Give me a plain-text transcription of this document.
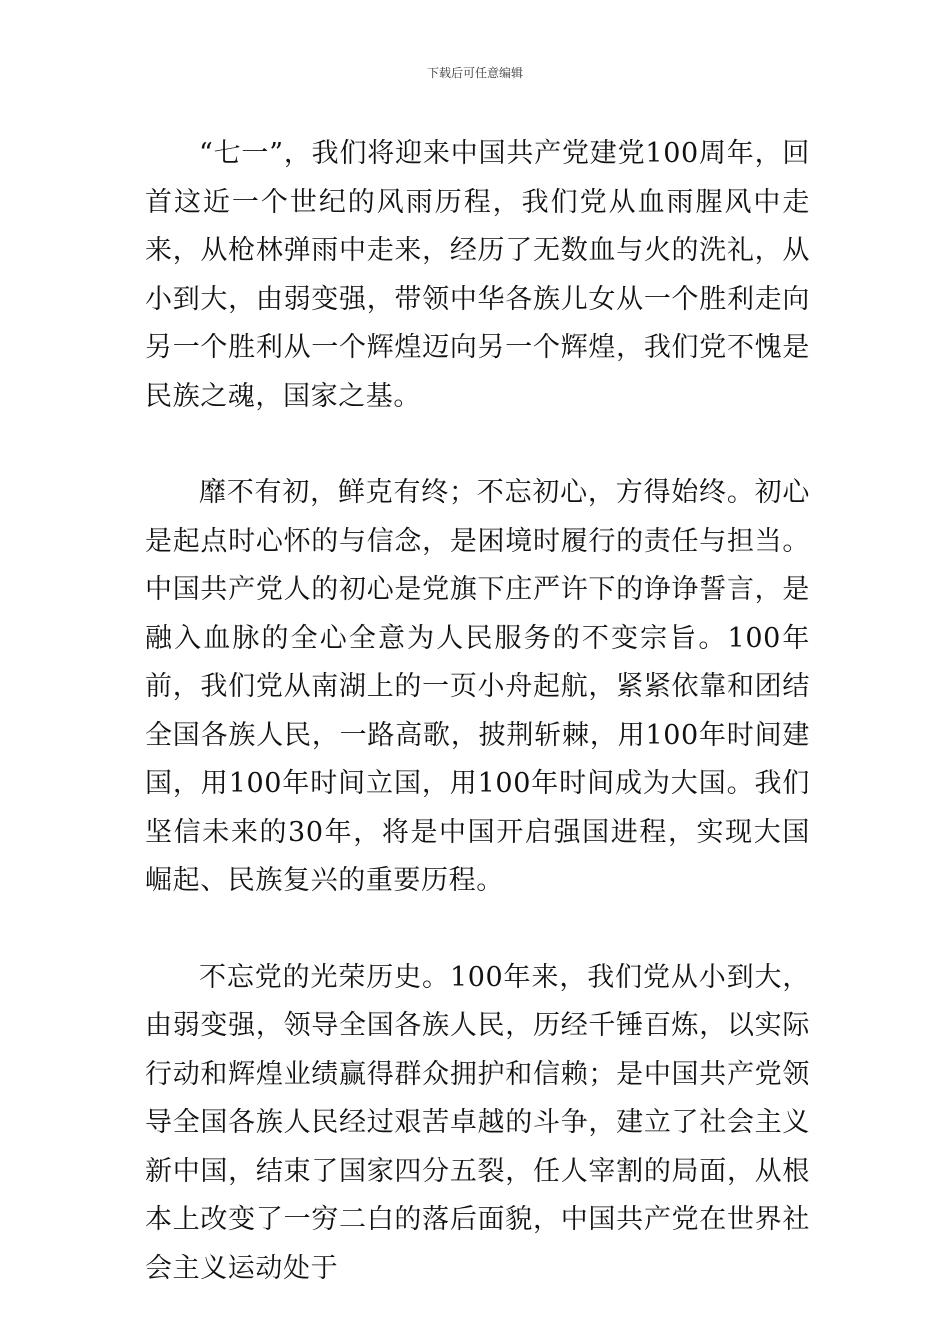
下载后可任意编辑

“七一”，我们将迎来中国共产党建党100周年，回首这近一个世纪的风雨历程，我们党从血雨腥风中走来，从枪林弹雨中走来，经历了无数血与火的洗礼，从小到大，由弱变强，带领中华各族儿女从一个胜利走向另一个胜利从一个辉煌迈向另一个辉煌，我们党不愧是民族之魂，国家之基。

靡不有初，鲜克有终；不忘初心，方得始终。初心是起点时心怀的与信念，是困境时履行的责任与担当。中国共产党人的初心是党旗下庄严许下的诤诤誓言，是融入血脉的全心全意为人民服务的不变宗旨。100年前，我们党从南湖上的一页小舟起航，紧紧依靠和团结全国各族人民，一路高歌，披荆斩棘，用100年时间建国，用100年时间立国，用100年时间成为大国。我们坚信未来的30年，将是中国开启强国进程，实现大国崛起、民族复兴的重要历程。

不忘党的光荣历史。100年来，我们党从小到大，由弱变强，领导全国各族人民，历经千锤百炼，以实际行动和辉煌业绩赢得群众拥护和信赖；是中国共产党领导全国各族人民经过艰苦卓越的斗争，建立了社会主义新中国，结束了国家四分五裂，任人宰割的局面，从根本上改变了一穷二白的落后面貌，中国共产党在世界社会主义运动处于
